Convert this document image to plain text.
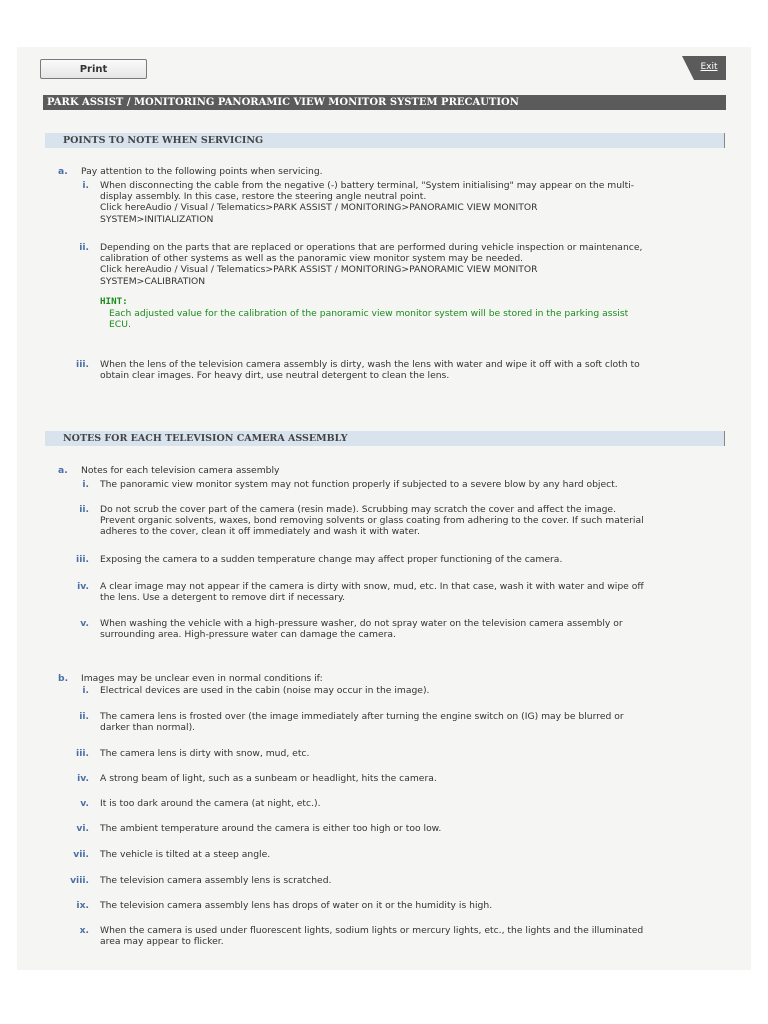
Print	Exit
PARK ASSIST / MONITORING PANORAMIC VIEW MONITOR SYSTEM PRECAUTION
POINTS TO NOTE WHEN SERVICING
a. Pay attention to the following points when servicing.
i. When disconnecting the cable from the negative (-) battery terminal, "System initialising" may appear on the multi-
display assembly. In this case, restore the steering angle neutral point.
Click hereAudio / Visual / Telematics>PARK ASSIST / MONITORING>PANORAMIC VIEW MONITOR
SYSTEM>INITIALIZATION
ii. Depending on the parts that are replaced or operations that are performed during vehicle inspection or maintenance,
calibration of other systems as well as the panoramic view monitor system may be needed.
Click hereAudio / Visual / Telematics>PARK ASSIST / MONITORING>PANORAMIC VIEW MONITOR
SYSTEM>CALIBRATION
HINT:
Each adjusted value for the calibration of the panoramic view monitor system will be stored in the parking assist
ECU.
iii. When the lens of the television camera assembly is dirty, wash the lens with water and wipe it off with a soft cloth to
obtain clear images. For heavy dirt, use neutral detergent to clean the lens.
NOTES FOR EACH TELEVISION CAMERA ASSEMBLY
a. Notes for each television camera assembly
i. The panoramic view monitor system may not function properly if subjected to a severe blow by any hard object.
ii. Do not scrub the cover part of the camera (resin made). Scrubbing may scratch the cover and affect the image.
Prevent organic solvents, waxes, bond removing solvents or glass coating from adhering to the cover. If such material
adheres to the cover, clean it off immediately and wash it with water.
iii. Exposing the camera to a sudden temperature change may affect proper functioning of the camera.
iv. A clear image may not appear if the camera is dirty with snow, mud, etc. In that case, wash it with water and wipe off
the lens. Use a detergent to remove dirt if necessary.
v. When washing the vehicle with a high-pressure washer, do not spray water on the television camera assembly or
surrounding area. High-pressure water can damage the camera.
b. Images may be unclear even in normal conditions if:
i. Electrical devices are used in the cabin (noise may occur in the image).
ii. The camera lens is frosted over (the image immediately after turning the engine switch on (IG) may be blurred or
darker than normal).
iii. The camera lens is dirty with snow, mud, etc.
iv. A strong beam of light, such as a sunbeam or headlight, hits the camera.
v. It is too dark around the camera (at night, etc.).
vi. The ambient temperature around the camera is either too high or too low.
vii. The vehicle is tilted at a steep angle.
viii. The television camera assembly lens is scratched.
ix. The television camera assembly lens has drops of water on it or the humidity is high.
x. When the camera is used under fluorescent lights, sodium lights or mercury lights, etc., the lights and the illuminated
area may appear to flicker.
